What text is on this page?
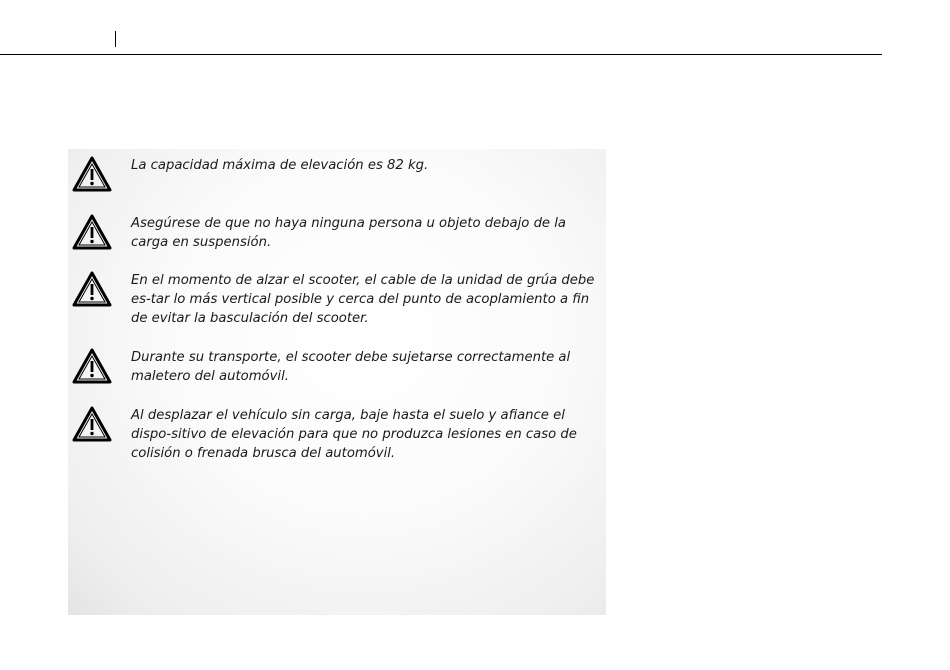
La capacidad máxima de elevación es 82 kg.

Asegúrese de que no haya ninguna persona u objeto debajo de la carga en suspensión.

En el momento de alzar el scooter, el cable de la unidad de grúa debe es-tar lo más vertical posible y cerca del punto de acoplamiento a fin de evitar la basculación del scooter.

Durante su transporte, el scooter debe sujetarse correctamente al maletero del automóvil.

Al desplazar el vehículo sin carga, baje hasta el suelo y afiance el dispo-sitivo de elevación para que no produzca lesiones en caso de colisión o frenada brusca del automóvil.
